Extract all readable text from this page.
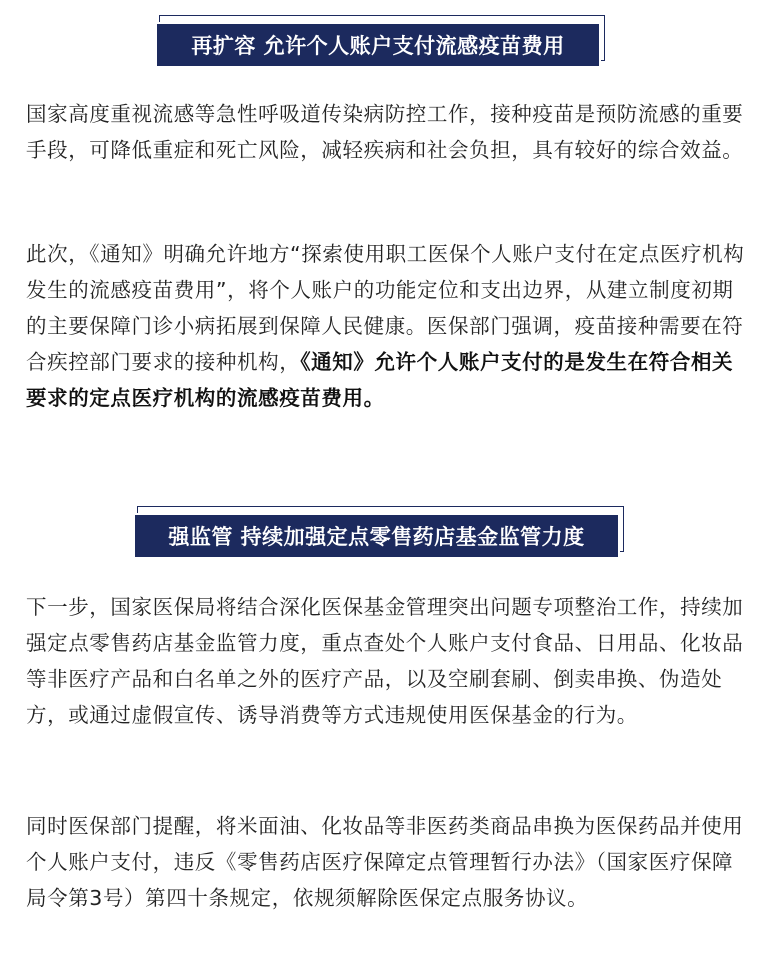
再扩容 允许个人账户支付流感疫苗费用

国家高度重视流感等急性呼吸道传染病防控工作，接种疫苗是预防流感的重要手段，可降低重症和死亡风险，减轻疾病和社会负担，具有较好的综合效益。

此次，《通知》明确允许地方“探索使用职工医保个人账户支付在定点医疗机构发生的流感疫苗费用”，将个人账户的功能定位和支出边界，从建立制度初期的主要保障门诊小病拓展到保障人民健康。医保部门强调，疫苗接种需要在符合疾控部门要求的接种机构，《通知》允许个人账户支付的是发生在符合相关要求的定点医疗机构的流感疫苗费用。

强监管 持续加强定点零售药店基金监管力度

下一步，国家医保局将结合深化医保基金管理突出问题专项整治工作，持续加强定点零售药店基金监管力度，重点查处个人账户支付食品、日用品、化妆品等非医疗产品和白名单之外的医疗产品，以及空刷套刷、倒卖串换、伪造处方，或通过虚假宣传、诱导消费等方式违规使用医保基金的行为。

同时医保部门提醒，将米面油、化妆品等非医药类商品串换为医保药品并使用个人账户支付，违反《零售药店医疗保障定点管理暂行办法》（国家医疗保障局令第3号）第四十条规定，依规须解除医保定点服务协议。
